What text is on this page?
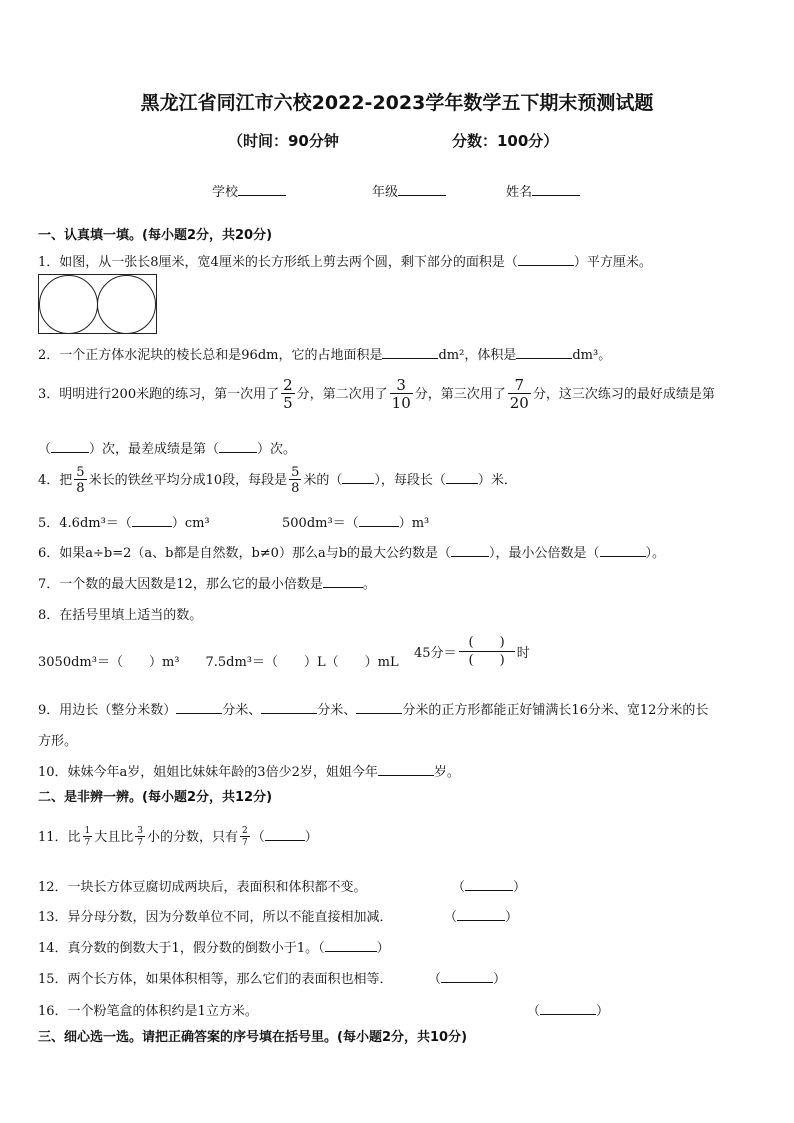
黑龙江省同江市六校2022-2023学年数学五下期末预测试题
（时间：90分钟	分数：100分）
学校	年级	姓名
一、认真填一填。(每小题2分，共20分)
1．如图，从一张长8厘米，宽4厘米的长方形纸上剪去两个圆，剩下部分的面积是（	）平方厘米。
2．一个正方体水泥块的棱长总和是96dm，它的占地面积是	dm²，体积是	dm³。
3．明明进行200米跑的练习，第一次用了 $\frac{2}{5}$ 分，第二次用了 $\frac{3}{10}$ 分，第三次用了 $\frac{7}{20}$ 分，这三次练习的最好成绩是第
（	）次，最差成绩是第（	）次。
4．把 $\frac{5}{8}$ 米长的铁丝平均分成10段，每段是 $\frac{5}{8}$ 米的（ ），每段长（ ）米．
5．4.6dm³＝（	）cm³	500dm³＝（	）m³
6．如果a÷b=2（a、b都是自然数，b≠0）那么a与b的最大公约数是（	），最小公倍数是（	）。
7．一个数的最大因数是12，那么它的最小倍数是	。
8．在括号里填上适当的数。
3050dm³＝（　　）m³　　7.5dm³＝（　　）L（　　）mL
45分＝ $\frac{( )}{( )}$ 时
9．用边长（整分米数）	分米、	分米、	分米的正方形都能正好铺满长16分米、宽12分米的长
方形。
10．妹妹今年a岁，姐姐比妹妹年龄的3倍少2岁，姐姐今年	岁。
二、是非辨一辨。(每小题2分，共12分)
11．比 $\frac{1}{7}$ 大且比 $\frac{3}{7}$ 小的分数，只有 $\frac{2}{7}$ （	）
12．一块长方体豆腐切成两块后，表面积和体积都不变。	（	）
13．异分母分数，因为分数单位不同，所以不能直接相加减．	（	）
14．真分数的倒数大于1，假分数的倒数小于1。（	）
15．两个长方体，如果体积相等，那么它们的表面积也相等．	（	）
16．一个粉笔盒的体积约是1立方米。	（	）
三、细心选一选。请把正确答案的序号填在括号里。(每小题2分，共10分)
